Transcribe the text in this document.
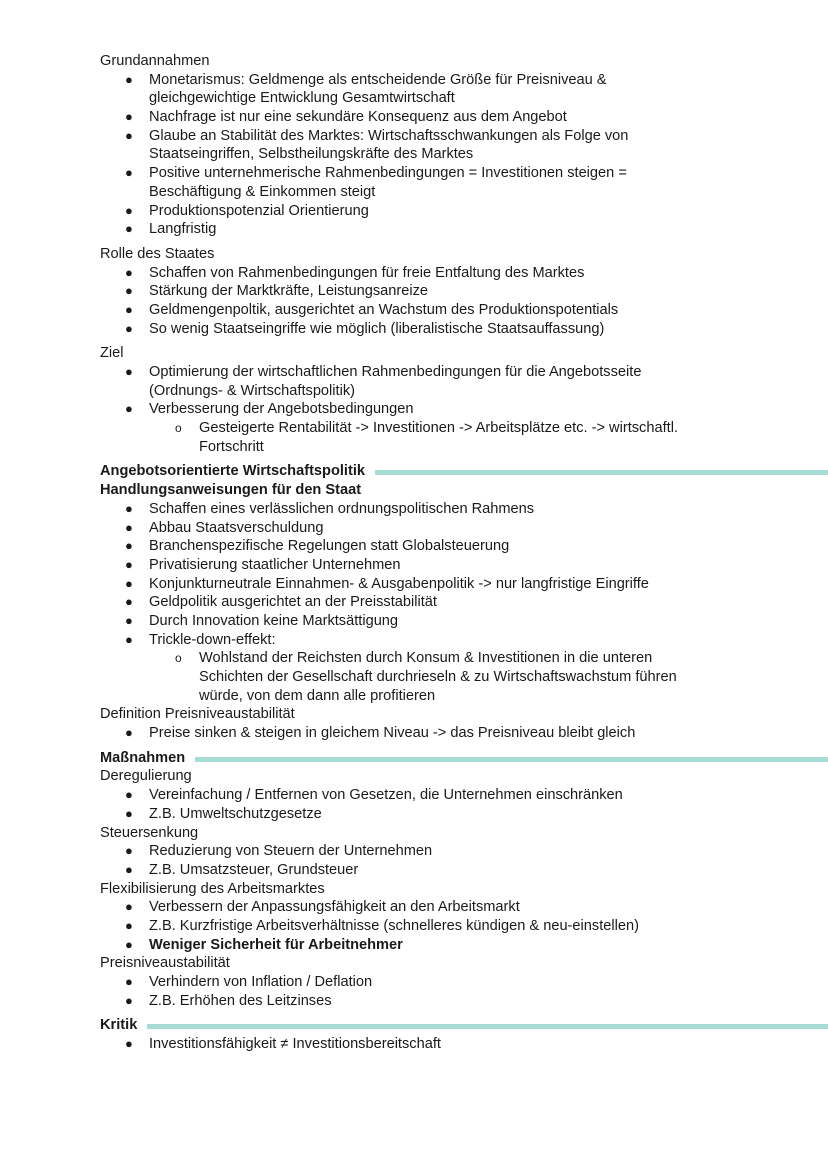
Grundannahmen
● Monetarismus: Geldmenge als entscheidende Größe für Preisniveau &
gleichgewichtige Entwicklung Gesamtwirtschaft
● Nachfrage ist nur eine sekundäre Konsequenz aus dem Angebot
● Glaube an Stabilität des Marktes: Wirtschaftsschwankungen als Folge von
Staatseingriffen, Selbstheilungskräfte des Marktes
● Positive unternehmerische Rahmenbedingungen = Investitionen steigen =
Beschäftigung & Einkommen steigt
● Produktionspotenzial Orientierung
● Langfristig
Rolle des Staates
● Schaffen von Rahmenbedingungen für freie Entfaltung des Marktes
● Stärkung der Marktkräfte, Leistungsanreize
● Geldmengenpoltik, ausgerichtet an Wachstum des Produktionspotentials
● So wenig Staatseingriffe wie möglich (liberalistische Staatsauffassung)
Ziel
● Optimierung der wirtschaftlichen Rahmenbedingungen für die Angebotsseite
(Ordnungs- & Wirtschaftspolitik)
● Verbesserung der Angebotsbedingungen
o Gesteigerte Rentabilität -> Investitionen -> Arbeitsplätze etc. -> wirtschaftl.
Fortschritt
Angebotsorientierte Wirtschaftspolitik
Handlungsanweisungen für den Staat
● Schaffen eines verlässlichen ordnungspolitischen Rahmens
● Abbau Staatsverschuldung
● Branchenspezifische Regelungen statt Globalsteuerung
● Privatisierung staatlicher Unternehmen
● Konjunkturneutrale Einnahmen- & Ausgabenpolitik -> nur langfristige Eingriffe
● Geldpolitik ausgerichtet an der Preisstabilität
● Durch Innovation keine Marktsättigung
● Trickle-down-effekt:
o Wohlstand der Reichsten durch Konsum & Investitionen in die unteren
Schichten der Gesellschaft durchrieseln & zu Wirtschaftswachstum führen
würde, von dem dann alle profitieren
Definition Preisniveaustabilität
● Preise sinken & steigen in gleichem Niveau -> das Preisniveau bleibt gleich
Maßnahmen
Deregulierung
● Vereinfachung / Entfernen von Gesetzen, die Unternehmen einschränken
● Z.B. Umweltschutzgesetze
Steuersenkung
● Reduzierung von Steuern der Unternehmen
● Z.B. Umsatzsteuer, Grundsteuer
Flexibilisierung des Arbeitsmarktes
● Verbessern der Anpassungsfähigkeit an den Arbeitsmarkt
● Z.B. Kurzfristige Arbeitsverhältnisse (schnelleres kündigen & neu-einstellen)
● Weniger Sicherheit für Arbeitnehmer
Preisniveaustabilität
● Verhindern von Inflation / Deflation
● Z.B. Erhöhen des Leitzinses
Kritik
● Investitionsfähigkeit ≠ Investitionsbereitschaft
